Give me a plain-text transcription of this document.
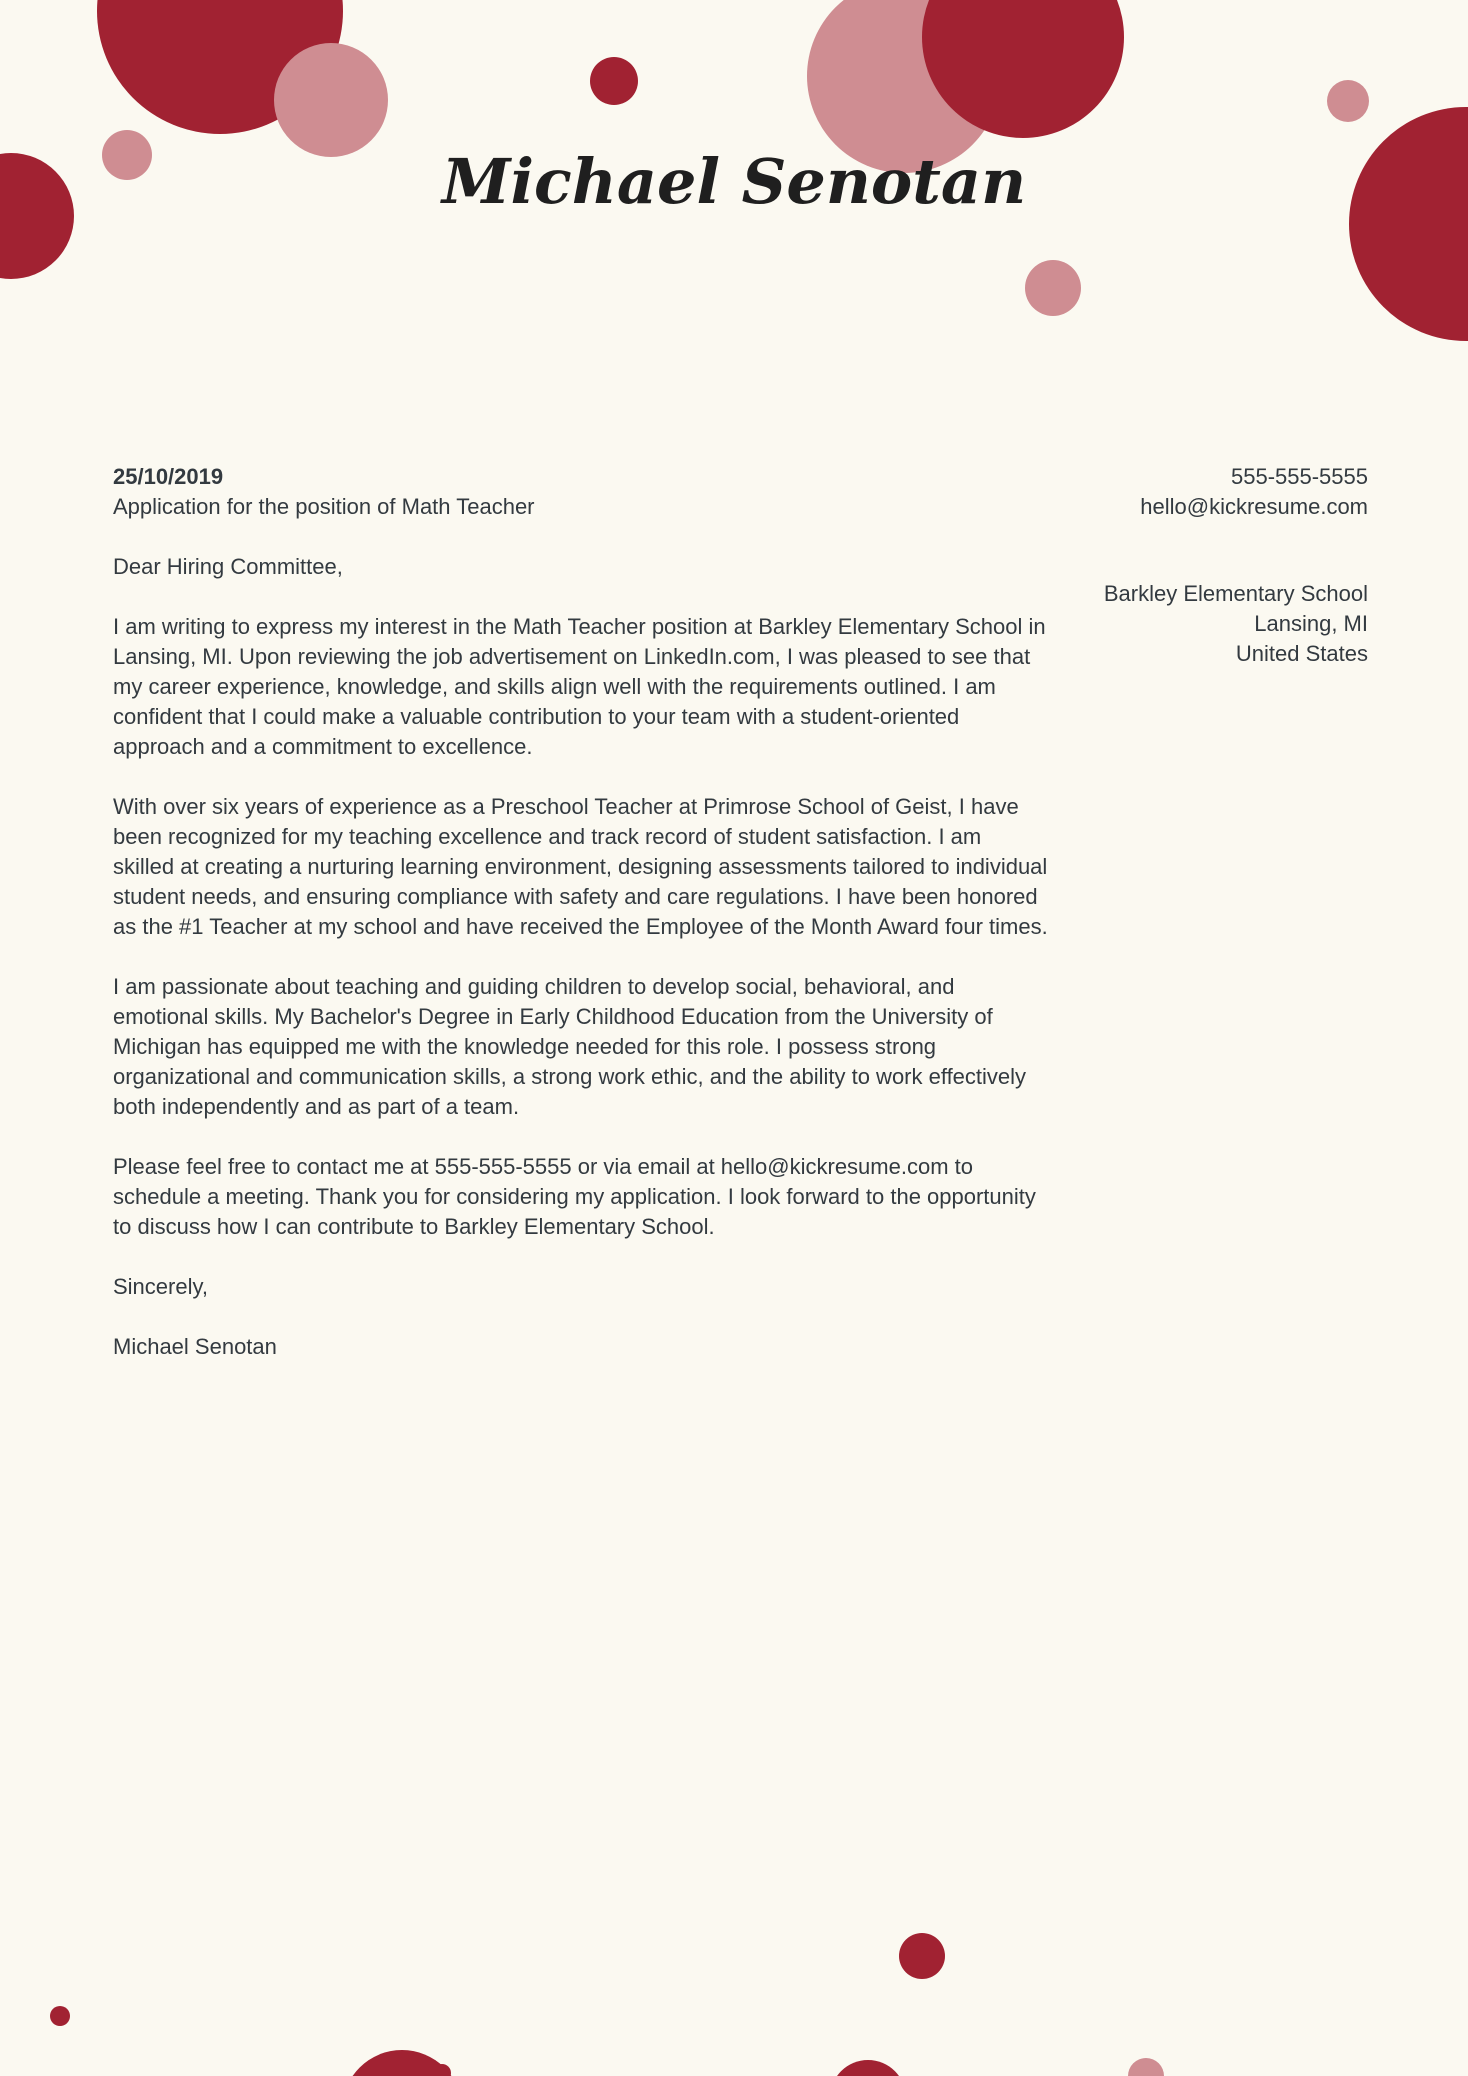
Michael Senotan
25/10/2019
Application for the position of Math Teacher
Dear Hiring Committee,

I am writing to express my interest in the Math Teacher position at Barkley Elementary School in Lansing, MI. Upon reviewing the job advertisement on LinkedIn.com, I was pleased to see that my career experience, knowledge, and skills align well with the requirements outlined. I am confident that I could make a valuable contribution to your team with a student-oriented approach and a commitment to excellence.

With over six years of experience as a Preschool Teacher at Primrose School of Geist, I have been recognized for my teaching excellence and track record of student satisfaction. I am skilled at creating a nurturing learning environment, designing assessments tailored to individual student needs, and ensuring compliance with safety and care regulations. I have been honored as the #1 Teacher at my school and have received the Employee of the Month Award four times.

I am passionate about teaching and guiding children to develop social, behavioral, and emotional skills. My Bachelor's Degree in Early Childhood Education from the University of Michigan has equipped me with the knowledge needed for this role. I possess strong organizational and communication skills, a strong work ethic, and the ability to work effectively both independently and as part of a team.

Please feel free to contact me at 555-555-5555 or via email at hello@kickresume.com to schedule a meeting. Thank you for considering my application. I look forward to the opportunity to discuss how I can contribute to Barkley Elementary School.

Sincerely,
Michael Senotan
555-555-5555
hello@kickresume.com
Barkley Elementary School
Lansing, MI
United States
